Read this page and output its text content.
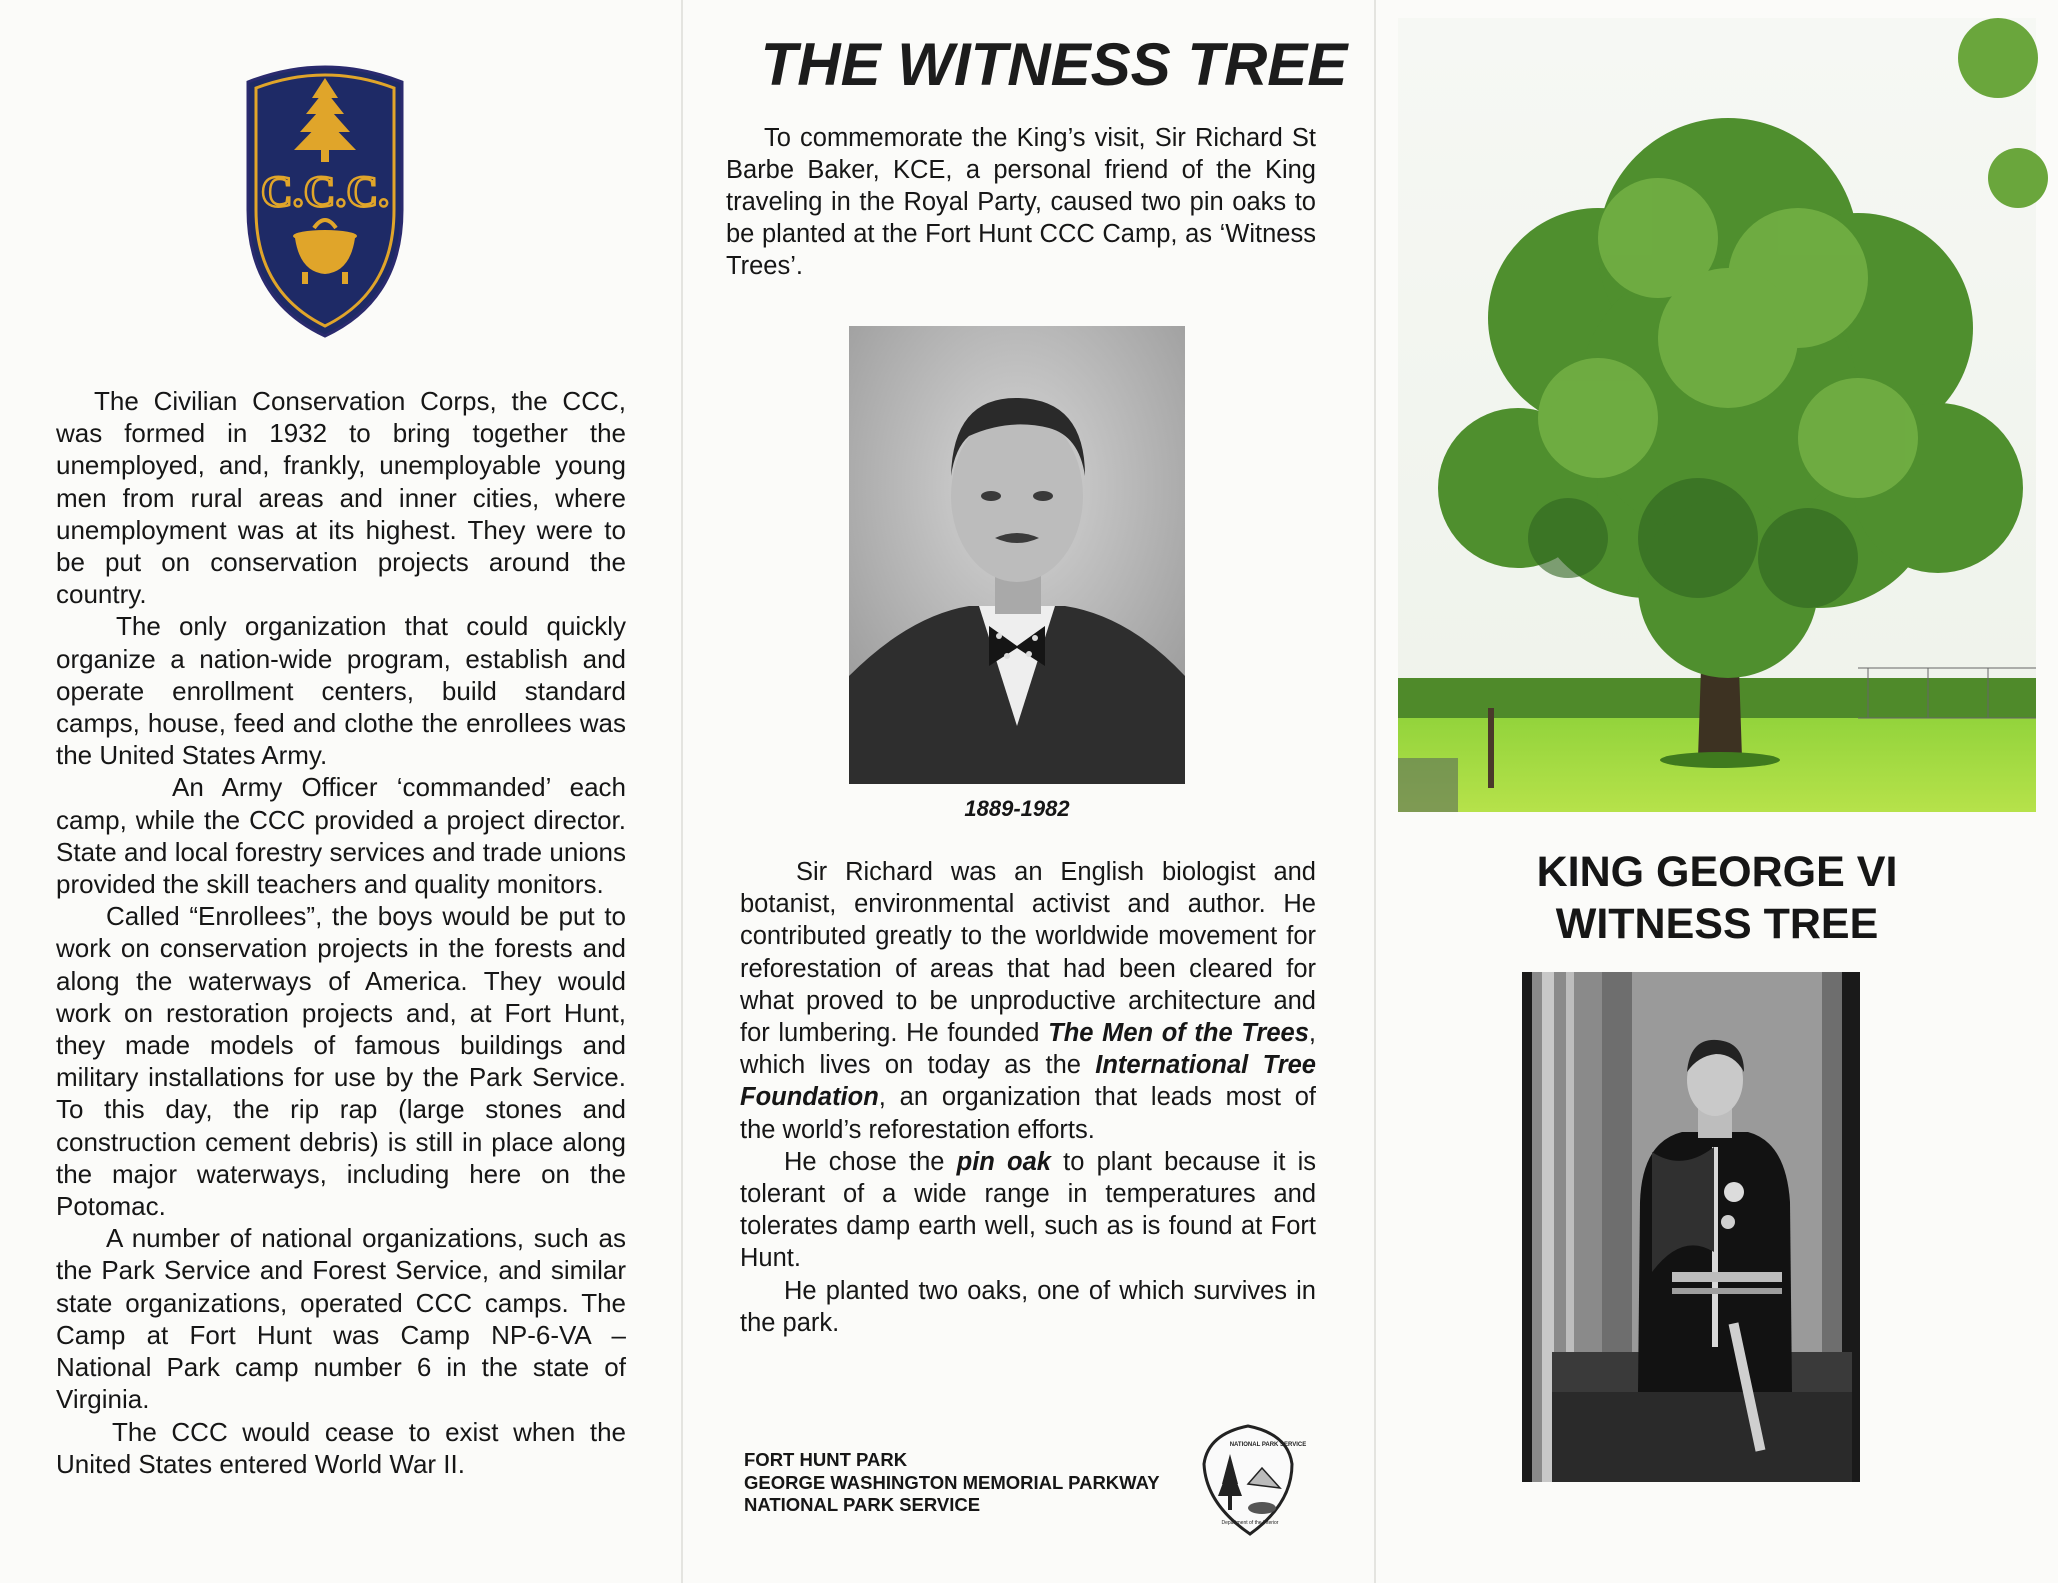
C.C.C.

The Civilian Conservation Corps, the CCC, was formed in 1932 to bring together the unemployed, and, frankly, unemployable young men from rural areas and inner cities, where unemployment was at its highest. They were to be put on conservation projects around the country.

The only organization that could quickly organize a nation-wide program, establish and operate enrollment centers, build standard camps, house, feed and clothe the enrollees was the United States Army.

An Army Officer ‘commanded’ each camp, while the CCC provided a project director. State and local forestry services and trade unions provided the skill teachers and quality monitors.

Called “Enrollees”, the boys would be put to work on conservation projects in the forests and along the waterways of America. They would work on restoration projects and, at Fort Hunt, they made models of famous buildings and military installations for use by the Park Service. To this day, the rip rap (large stones and construction cement debris) is still in place along the major waterways, including here on the Potomac.

A number of national organizations, such as the Park Service and Forest Service, and similar state organizations, operated CCC camps. The Camp at Fort Hunt was Camp NP-6-VA – National Park camp number 6 in the state of Virginia.

The CCC would cease to exist when the United States entered World War II.

THE WITNESS TREE

To commemorate the King’s visit, Sir Richard St Barbe Baker, KCE, a personal friend of the King traveling in the Royal Party, caused two pin oaks to be planted at the Fort Hunt CCC Camp, as ‘Witness Trees’.

1889-1982

Sir Richard was an English biologist and botanist, environmental activist and author. He contributed greatly to the worldwide movement for reforestation of areas that had been cleared for what proved to be unproductive architecture and for lumbering. He founded The Men of the Trees, which lives on today as the International Tree Foundation, an organization that leads most of the world’s reforestation efforts.

He chose the pin oak to plant because it is tolerant of a wide range in temperatures and tolerates damp earth well, such as is found at Fort Hunt.

He planted two oaks, one of which survives in the park.

FORT HUNT PARK
GEORGE WASHINGTON MEMORIAL PARKWAY
NATIONAL PARK SERVICE
NATIONAL PARK SERVICE
Department of the Interior
KING GEORGE VI
WITNESS TREE
